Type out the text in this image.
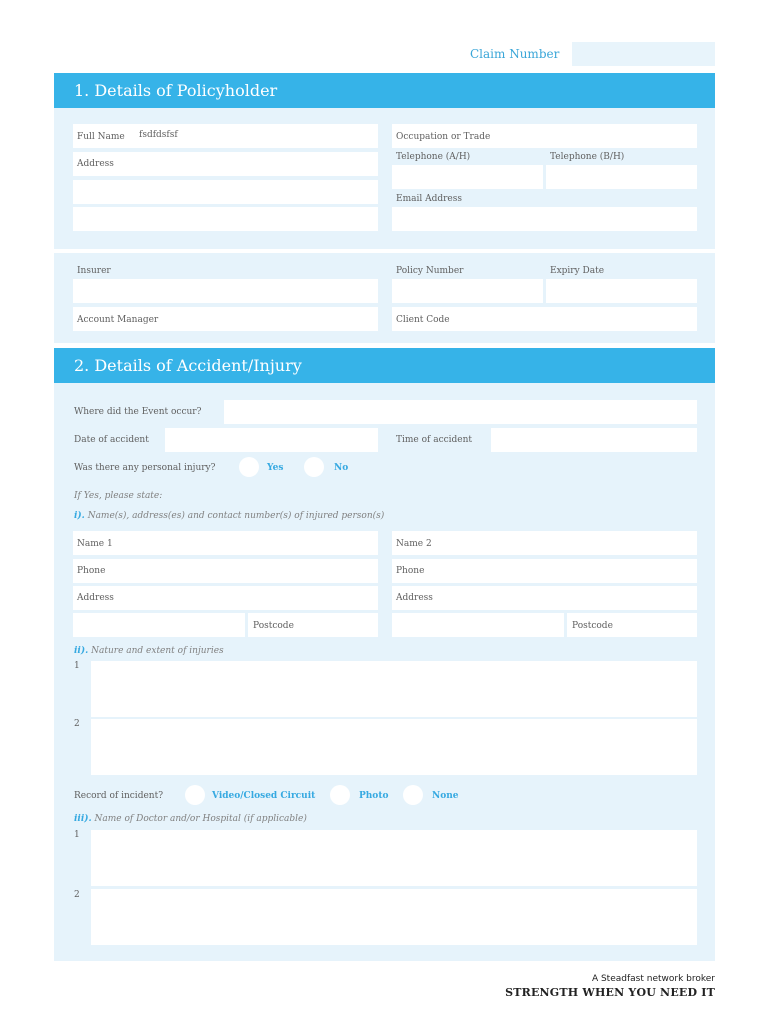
Claim Number
1. Details of Policyholder
Full Name fsdfdsfsf
Address
Occupation or Trade
Telephone (A/H)	Telephone (B/H)
Email Address
Insurer	Policy Number	Expiry Date
Account Manager	Client Code
2. Details of Accident/Injury
Where did the Event occur?
Date of accident	Time of accident
Was there any personal injury?	Yes	No
If Yes, please state:
i). Name(s), address(es) and contact number(s) of injured person(s)
Name 1	Name 2
Phone	Phone
Address	Address
Postcode	Postcode
ii). Nature and extent of injuries
1
2
Record of incident?	Video/Closed Circuit	Photo	None
iii). Name of Doctor and/or Hospital (if applicable)
1
2
A Steadfast network broker
STRENGTH WHEN YOU NEED IT
